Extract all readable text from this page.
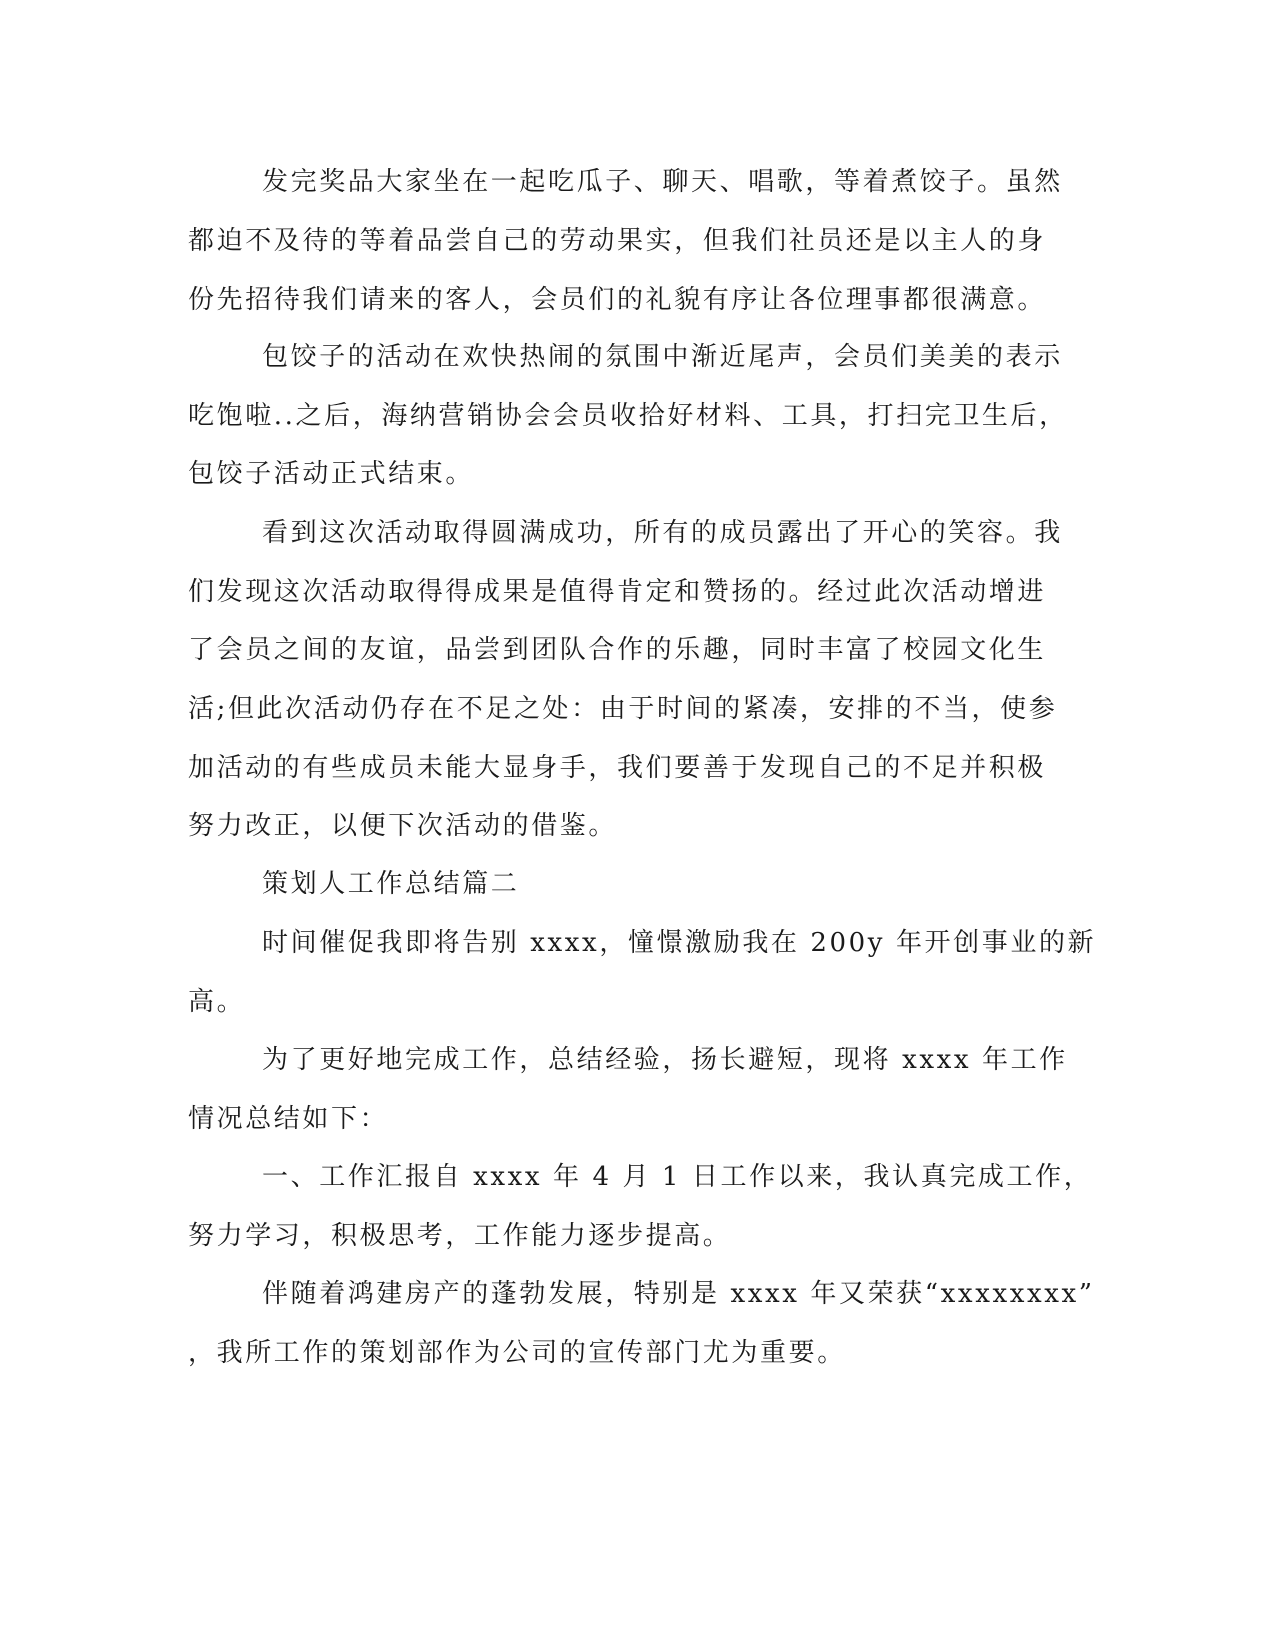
发完奖品大家坐在一起吃瓜子、聊天、唱歌，等着煮饺子。虽然
都迫不及待的等着品尝自己的劳动果实，但我们社员还是以主人的身
份先招待我们请来的客人，会员们的礼貌有序让各位理事都很满意。
包饺子的活动在欢快热闹的氛围中渐近尾声，会员们美美的表示
吃饱啦..之后，海纳营销协会会员收拾好材料、工具，打扫完卫生后，
包饺子活动正式结束。
看到这次活动取得圆满成功，所有的成员露出了开心的笑容。我
们发现这次活动取得得成果是值得肯定和赞扬的。经过此次活动增进
了会员之间的友谊，品尝到团队合作的乐趣，同时丰富了校园文化生
活;但此次活动仍存在不足之处：由于时间的紧凑，安排的不当，使参
加活动的有些成员未能大显身手，我们要善于发现自己的不足并积极
努力改正，以便下次活动的借鉴。
策划人工作总结篇二
时间催促我即将告别 xxxx，憧憬激励我在 200y 年开创事业的新
高。
为了更好地完成工作，总结经验，扬长避短，现将 xxxx 年工作
情况总结如下：
一、工作汇报自 xxxx 年 4 月 1 日工作以来，我认真完成工作，
努力学习，积极思考，工作能力逐步提高。
伴随着鸿建房产的蓬勃发展，特别是 xxxx 年又荣获“xxxxxxxx”
，我所工作的策划部作为公司的宣传部门尤为重要。
